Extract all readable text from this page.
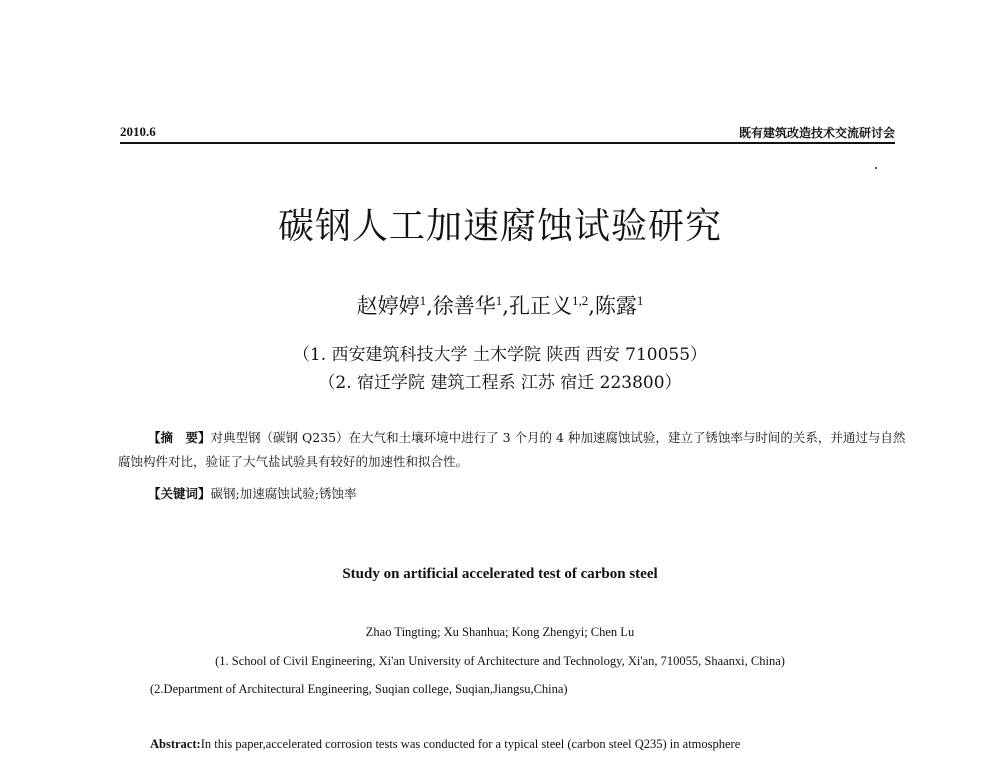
2010.6	既有建筑改造技术交流研讨会
碳钢人工加速腐蚀试验研究
赵婷婷$^1$,徐善华$^1$,孔正义$^{1,2}$,陈露$^1$
（1. 西安建筑科技大学 土木学院 陕西 西安 710055）
（2. 宿迁学院 建筑工程系 江苏 宿迁 223800）
【摘　要】对典型钢（碳钢 Q235）在大气和土壤环境中进行了 3 个月的 4 种加速腐蚀试验，建立了锈蚀率与时间的关系，并通过与自然腐蚀构件对比，验证了大气盐试验具有较好的加速性和拟合性。
【关键词】碳钢;加速腐蚀试验;锈蚀率
Study on artificial accelerated test of carbon steel
Zhao Tingting; Xu Shanhua; Kong Zhengyi; Chen Lu
(1. School of Civil Engineering, Xi'an University of Architecture and Technology, Xi'an, 710055, Shaanxi, China)
(2.Department of Architectural Engineering, Suqian college, Suqian,Jiangsu,China)
Abstract:In this paper,accelerated corrosion tests was conducted for a typical steel (carbon steel Q235) in atmosphere
